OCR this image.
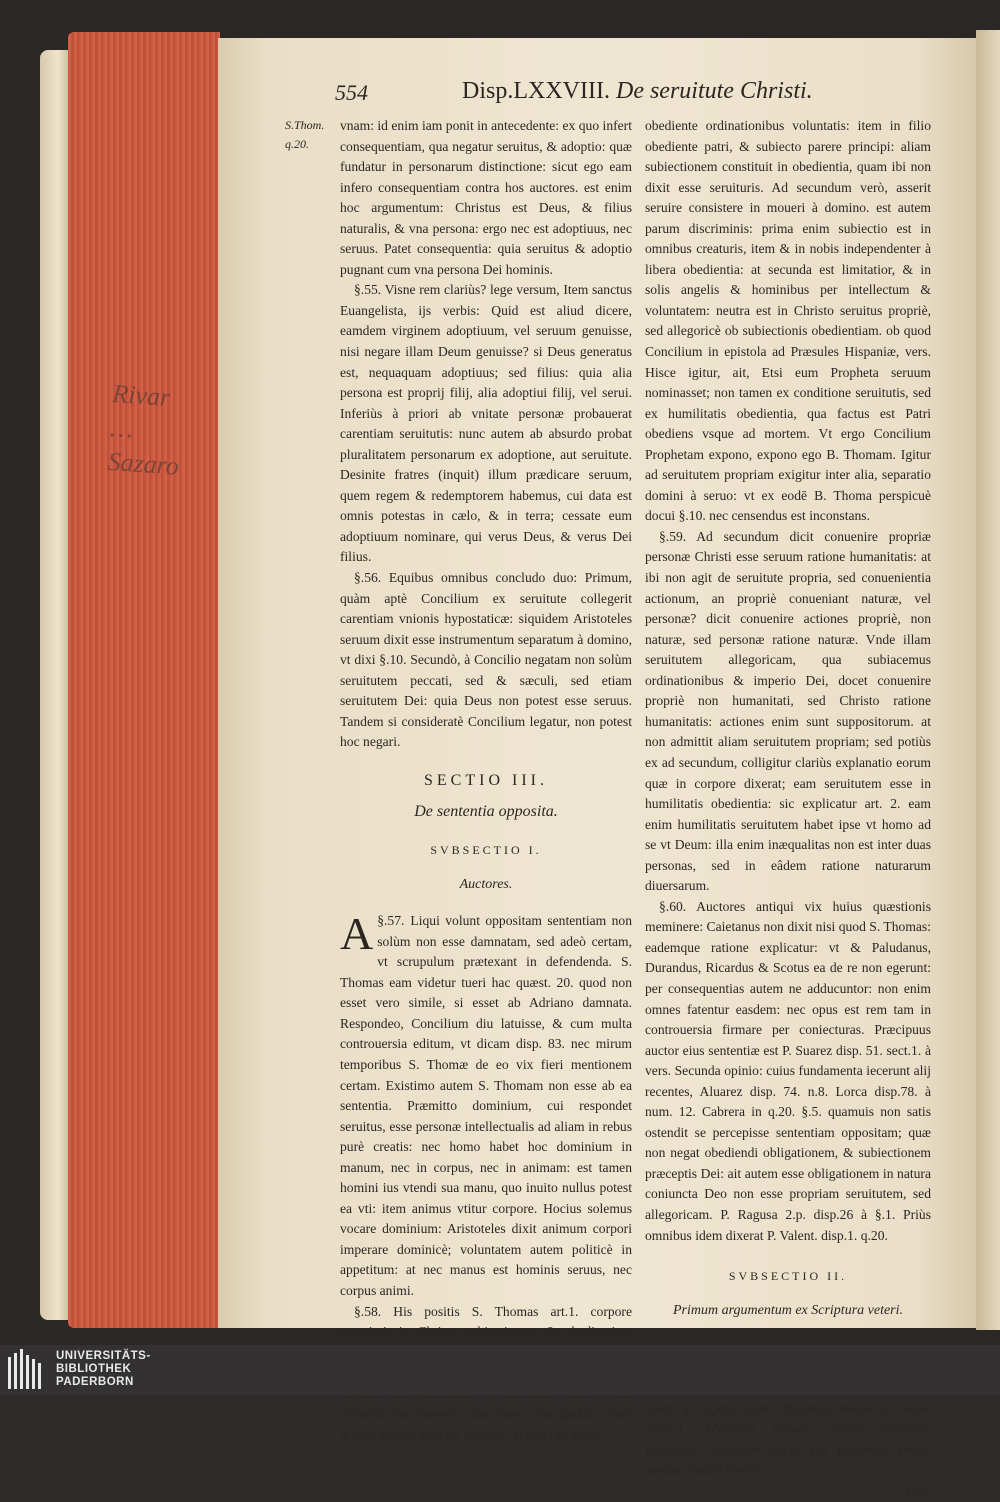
Rivar
…
Sazaro
554	Disp.LXXVIII. De seruitute Christi.
S.Thom. q.20.

vnam: id enim iam ponit in antecedente: ex quo infert consequentiam, qua negatur seruitus, & adoptio: quæ fundatur in personarum distinctione: sicut ego eam infero consequentiam contra hos auctores. est enim hoc argumentum: Christus est Deus, & filius naturalis, & vna persona: ergo nec est adoptiuus, nec seruus. Patet consequentia: quia seruitus & adoptio pugnant cum vna persona Dei hominis.

§.55. Visne rem clariùs? lege versum, Item sanctus Euangelista, ijs verbis: Quid est aliud dicere, eamdem virginem adoptiuum, vel seruum genuisse, nisi negare illam Deum genuisse? si Deus generatus est, nequaquam adoptiuus; sed filius: quia alia persona est proprij filij, alia adoptiui filij, vel serui. Inferiùs à priori ab vnitate personæ probauerat carentiam seruitutis: nunc autem ab absurdo probat pluralitatem personarum ex adoptione, aut seruitute. Desinite fratres (inquit) illum prædicare seruum, quem regem & redemptorem habemus, cui data est omnis potestas in cælo, & in terra; cessate eum adoptiuum nominare, qui verus Deus, & verus Dei filius.

§.56. Equibus omnibus concludo duo: Primum, quàm aptè Concilium ex seruitute collegerit carentiam vnionis hypostaticæ: siquidem Aristoteles seruum dixit esse instrumentum separatum à domino, vt dixi §.10. Secundò, à Concilio negatam non solùm seruitutem peccati, sed & sæculi, sed etiam seruitutem Dei: quia Deus non potest esse seruus. Tandem si consideratè Concilium legatur, non potest hoc negari.

SECTIO III.
De sententia opposita.
SVBSECTIO I.
Auctores.

§.57.
A	Liqui volunt oppositam sententiam non solùm non esse damnatam, sed adeò certam, vt scrupulum prætexant in defendenda. S. Thomas eam videtur tueri hac quæst. 20. quod non esset vero simile, si esset ab Adriano damnata. Respondeo, Concilium diu latuisse, & cum multa controuersia editum, vt dicam disp. 83. nec mirum temporibus S. Thomæ de eo vix fieri mentionem certam. Existimo autem S. Thomam non esse ab ea sententia. Præmitto dominium, cui respondet seruitus, esse personæ intellectualis ad aliam in rebus purè creatis: nec homo habet hoc dominium in manum, nec in corpus, nec in animam: est tamen homini ius vtendi sua manu, quo inuito nullus potest ea vti: item animus vtitur corpore. Hocius solemus vocare dominium: Aristoteles dixit animum corpori imperare dominicè; voluntatem autem politicè in appetitum: at nec manus est hominis seruus, nec corpus animi.

§.58. His positis S. Thomas art.1. corpore constituit in Christo subiectionem & obedientiam voluerit; siue mortem, siue vitam, siue quiduis aliud: at hæc non est propriè seruitus, vt patet in manu

obediente ordinationibus voluntatis: item in filio obediente patri, & subiecto parere principi: aliam subiectionem constituit in obedientia, quam ibi non dixit esse seruituris. Ad secundum verò, asserit seruire consistere in moueri à domino. est autem parum discriminis: prima enim subiectio est in omnibus creaturis, item & in nobis independenter à libera obedientia: at secunda est limitatior, & in solis angelis & hominibus per intellectum & voluntatem: neutra est in Christo seruitus propriè, sed allegoricè ob subiectionis obedientiam. ob quod Concilium in epistola ad Præsules Hispaniæ, vers. Hisce igitur, ait, Etsi eum Propheta seruum nominasset; non tamen ex conditione seruitutis, sed ex humilitatis obedientia, qua factus est Patri obediens vsque ad mortem. Vt ergo Concilium Prophetam expono, expono ego B. Thomam. Igitur ad seruitutem propriam exigitur inter alia, separatio domini à seruo: vt ex eodē B. Thoma perspicuè docui §.10. nec censendus est inconstans.

§.59. Ad secundum dicit conuenire propriæ personæ Christi esse seruum ratione humanitatis: at ibi non agit de seruitute propria, sed conuenientia actionum, an propriè conueniant naturæ, vel personæ? dicit conuenire actiones propriè, non naturæ, sed personæ ratione naturæ. Vnde illam seruitutem allegoricam, qua subiacemus ordinationibus & imperio Dei, docet conuenire propriè non humanitati, sed Christo ratione humanitatis: actiones enim sunt suppositorum. at non admittit aliam seruitutem propriam; sed potiùs ex ad secundum, colligitur clariùs explanatio eorum quæ in corpore dixerat; eam seruitutem esse in humilitatis obedientia: sic explicatur art. 2. eam enim humilitatis seruitutem habet ipse vt homo ad se vt Deum: illa enim inæqualitas non est inter duas personas, sed in eâdem ratione naturarum diuersarum.

§.60. Auctores antiqui vix huius quæstionis meminere: Caietanus non dixit nisi quod S. Thomas: eademque ratione explicatur: vt & Paludanus, Durandus, Ricardus & Scotus ea de re non egerunt: per consequentias autem ne adducuntor: non enim omnes fatentur easdem: nec opus est rem tam in controuersia firmare per coniecturas. Præcipuus auctor eius sententiæ est P. Suarez disp. 51. sect.1. à vers. Secunda opinio: cuius fundamenta iecerunt alij recentes, Aluarez disp. 74. n.8. Lorca disp.78. à num. 12. Cabrera in q.20. §.5. quamuis non satis ostendit se percepisse sententiam oppositam; quæ non negat obediendi obligationem, & subiectionem præceptis Dei: ait autem esse obligationem in natura coniuncta Deo non esse propriam seruitutem, sed allegoricam. P. Ragusa 2.p. disp.26 à §.1. Priùs omnibus idem dixerat P. Valent. disp.1. q.20.

SVBSECTIO II.
Primum argumentum ex Scriptura veteri.

idem q; repetit idem Propheta multis in locis. Zach.3. Adducam seruum meum orientem. Ezech.34. Suscitabo super eas pastorem vnum, seruum meum David.

§.62.
UNIVERSITÄTS-
BIBLIOTHEK
PADERBORN
